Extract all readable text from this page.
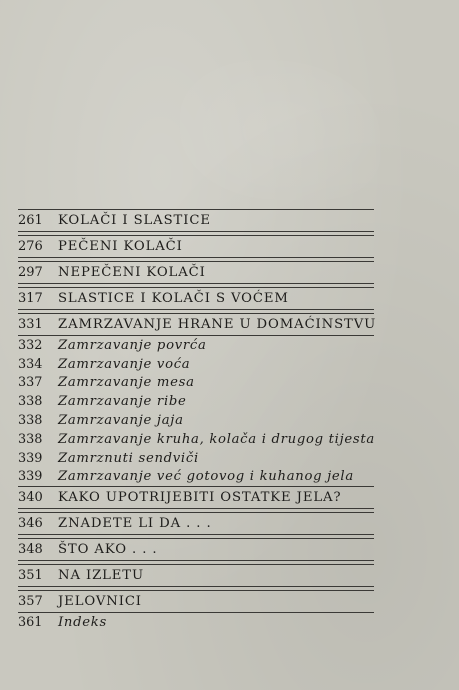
261	KOLAČI I SLASTICE
276	PEČENI KOLAČI
297	NEPEČENI KOLAČI
317	SLASTICE I KOLAČI S VOĆEM
331	ZAMRZAVANJE HRANE U DOMAĆINSTVU
332	Zamrzavanje povrća
334	Zamrzavanje voća
337	Zamrzavanje mesa
338	Zamrzavanje ribe
338	Zamrzavanje jaja
338	Zamrzavanje kruha, kolača i drugog tijesta
339	Zamrznuti sendviči
339	Zamrzavanje već gotovog i kuhanog jela
340	KAKO UPOTRIJEBITI OSTATKE JELA?
346	ZNADETE LI DA . . .
348	ŠTO AKO . . .
351	NA IZLETU
357	JELOVNICI
361	Indeks
